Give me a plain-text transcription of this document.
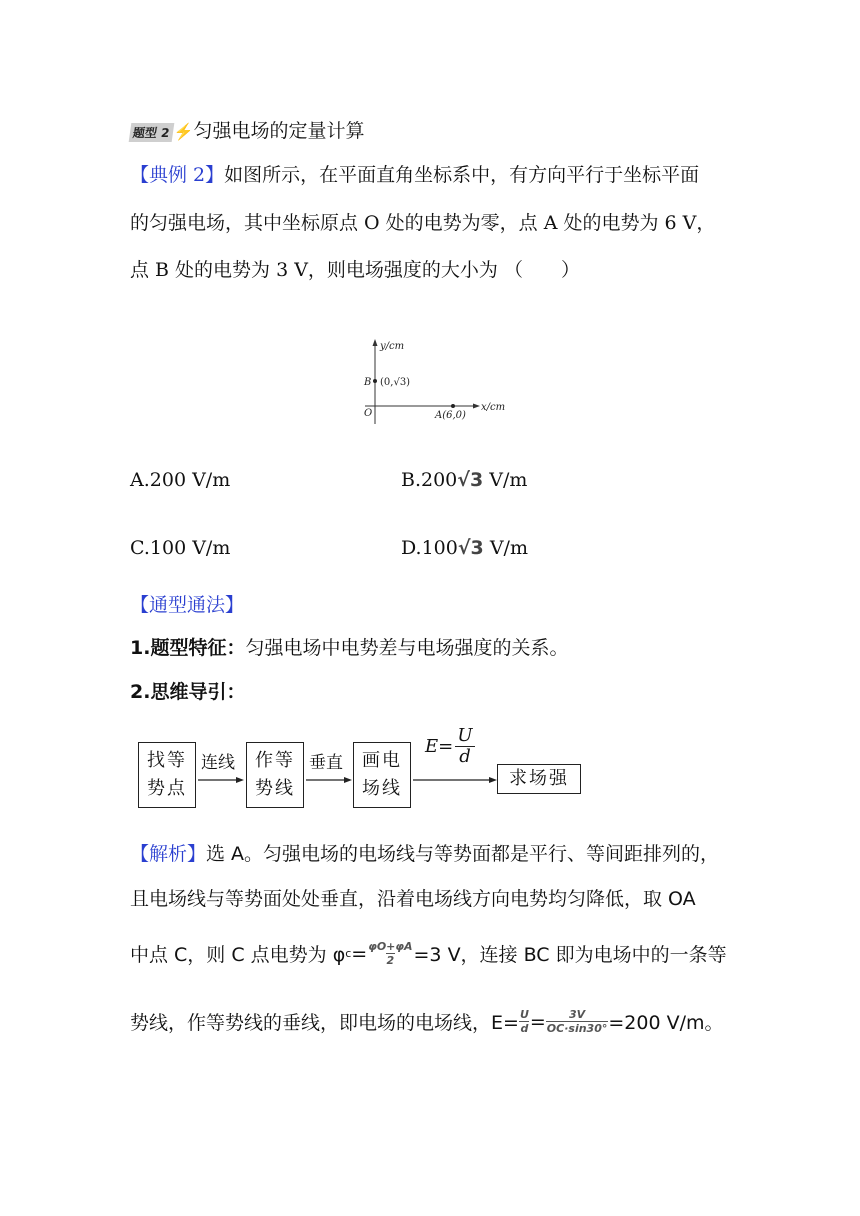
题型 2 ⚡匀强电场的定量计算
【典例 2】如图所示，在平面直角坐标系中，有方向平行于坐标平面
的匀强电场，其中坐标原点 O 处的电势为零，点 A 处的电势为 6 V，
点 B 处的电势为 3 V，则电场强度的大小为 （　　）
y/cm
x/cm
O
B (0,√3)
A(6,0)
A.200 V/m	B.200√3 V/m
C.100 V/m	D.100√3 V/m
【通型通法】
1.题型特征：匀强电场中电势差与电场强度的关系。
2.思维导引：
找等势点
连线 作等势线
垂直 画电场线
$E= \frac{U}{d}$
求场强
【解析】选 A。匀强电场的电场线与等势面都是平行、等间距排列的，
且电场线与等势面处处垂直，沿着电场线方向电势均匀降低，取 OA
中点 C，则 C 点电势为 φ $c = \frac{\varphi O+\varphi A}{2} =3$ V，连接 BC 即为电场中的一条等
势线，作等势线的垂线，即电场的电场线，$E= \frac{U}{d} = \frac{3V}{OC\cdot\sin 30^\circ} =200$ V/m。
